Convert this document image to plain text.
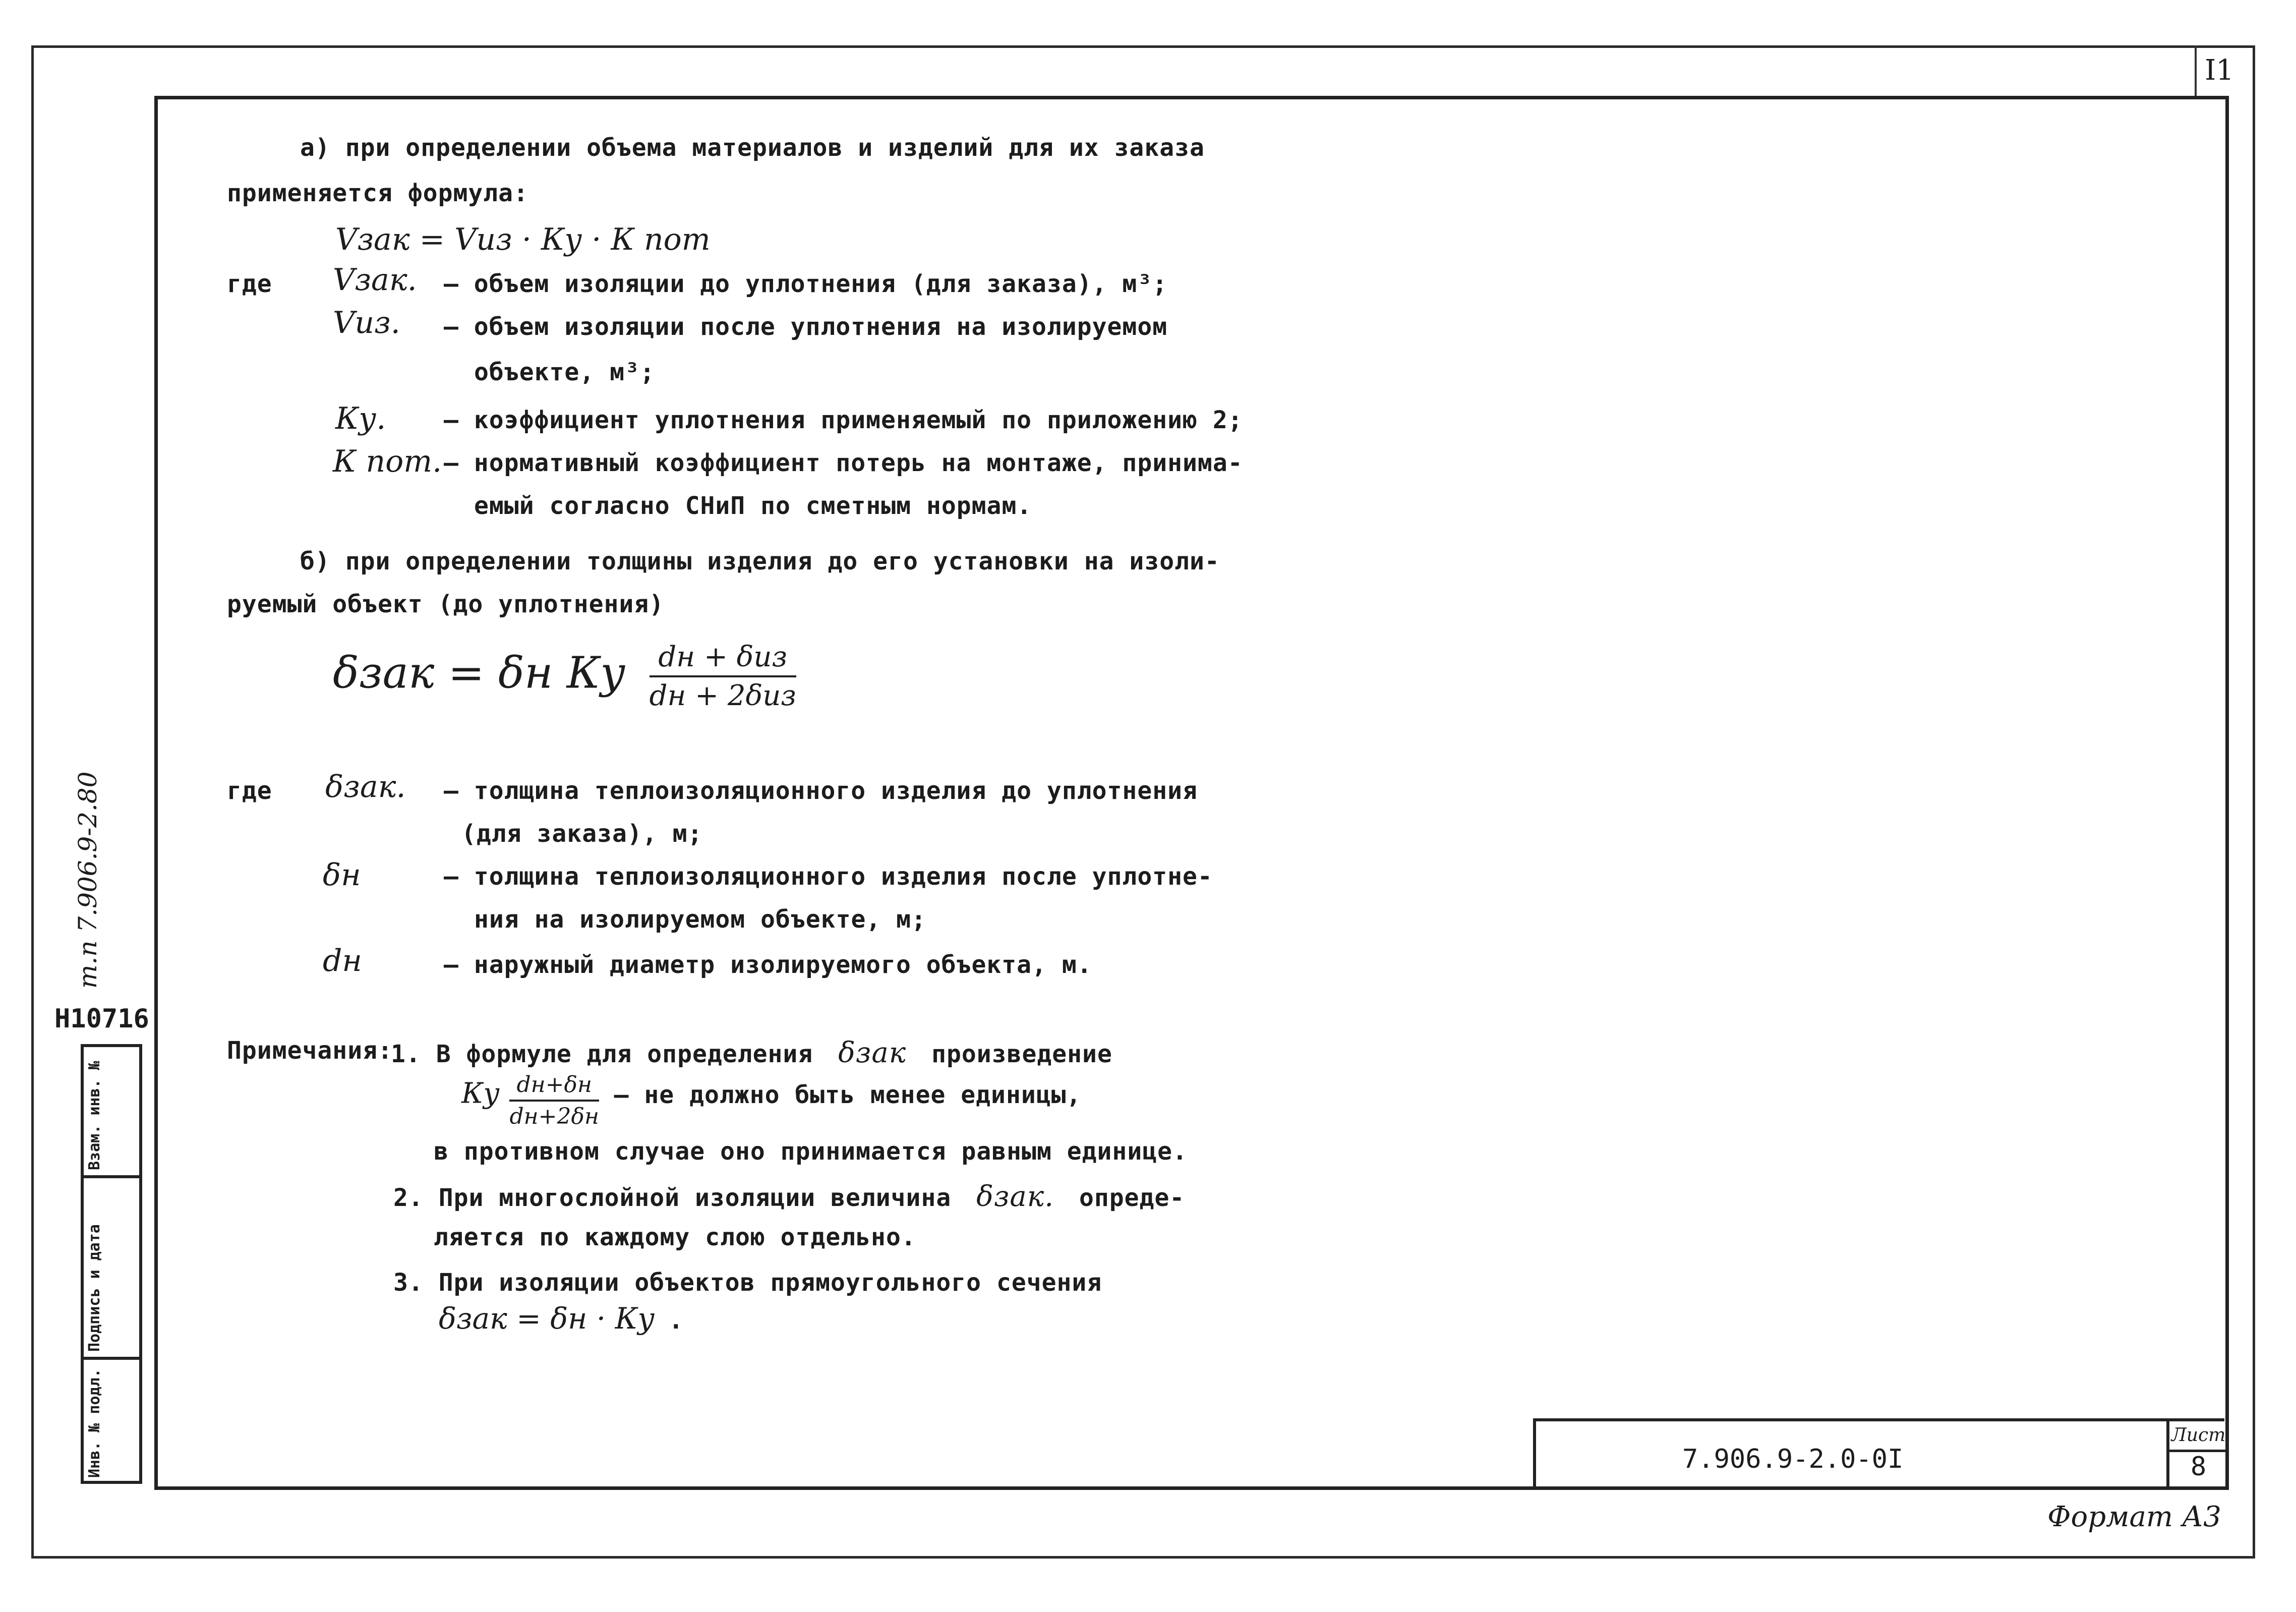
I1
а) при определении объема материалов и изделий для их заказа
применяется формула:
Vзак = Vиз · Ку · К пот
где Vзак. – объем изоляции до уплотнения (для заказа), м³;
Vиз. – объем изоляции после уплотнения на изолируемом
объекте, м³;
Ку. – коэффициент уплотнения применяемый по приложению 2;
К пот. – нормативный коэффициент потерь на монтаже, принима-
емый согласно СНиП по сметным нормам.
б) при определении толщины изделия до его установки на изоли-
руемый объект (до уплотнения)
δзак = δн Ку $\frac{\text{dн + δиз}}{\text{dн + 2δиз}}$
где δзак. – толщина теплоизоляционного изделия до уплотнения
(для заказа), м;
δн	– толщина теплоизоляционного изделия после уплотне-
ния на изолируемом объекте, м;
dн	– наружный диаметр изолируемого объекта, м.
Примечания:
1. В формуле для определения δзак произведение
Ку $\frac{dн+\delta н}{dн+2\delta н}$ – не должно быть менее единицы,
в противном случае оно принимается равным единице.
2. При многослойной изоляции величина δзак. опреде-
ляется по каждому слою отдельно.
3. При изоляции объектов прямоугольного сечения
δзак = δн · Ку .
т.п 7.906.9-2.80
Н10716
Взам. инв. №
Подпись и дата
Инв. № подл.	7.906.9-2.0-0I
Лист
8
Формат А3
